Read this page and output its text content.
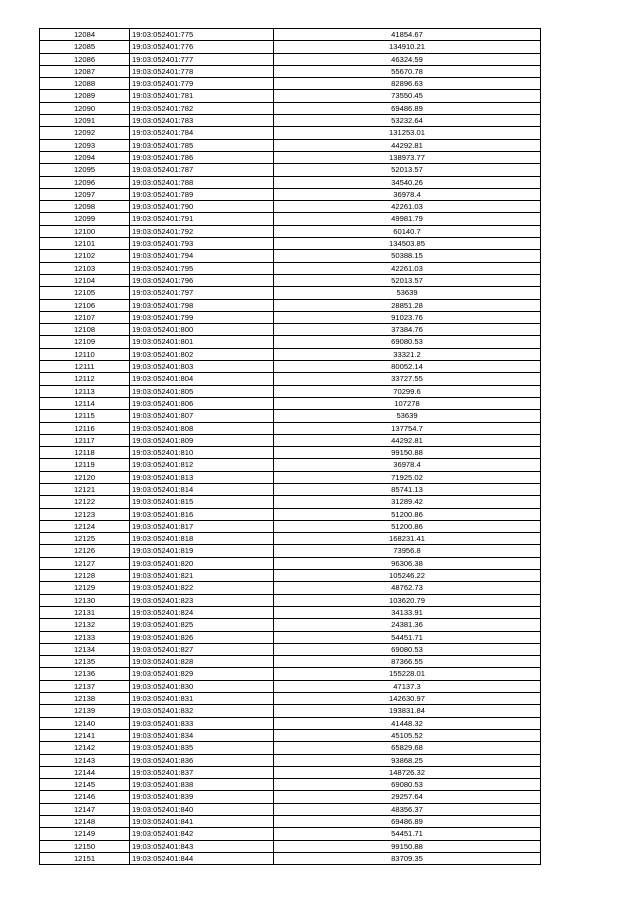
12084	19:03:052401:775	41854.67
12085	19:03:052401:776	134910.21
12086	19:03:052401:777	46324.59
12087	19:03:052401:778	55670.78
12088	19:03:052401:779	82896.63
12089	19:03:052401:781	73550.45
12090	19:03:052401:782	69486.89
12091	19:03:052401:783	53232.64
12092	19:03:052401:784	131253.01
12093	19:03:052401:785	44292.81
12094	19:03:052401:786	138973.77
12095	19:03:052401:787	52013.57
12096	19:03:052401:788	34540.26
12097	19:03:052401:789	36978.4
12098	19:03:052401:790	42261.03
12099	19:03:052401:791	49981.79
12100	19:03:052401:792	60140.7
12101	19:03:052401:793	134503.85
12102	19:03:052401:794	50388.15
12103	19:03:052401:795	42261.03
12104	19:03:052401:796	52013.57
12105	19:03:052401:797	53639
12106	19:03:052401:798	28851.28
12107	19:03:052401:799	91023.76
12108	19:03:052401:800	37384.76
12109	19:03:052401:801	69080.53
12110	19:03:052401:802	33321.2
12111	19:03:052401:803	80052.14
12112	19:03:052401:804	33727.55
12113	19:03:052401:805	70299.6
12114	19:03:052401:806	107278
12115	19:03:052401:807	53639
12116	19:03:052401:808	137754.7
12117	19:03:052401:809	44292.81
12118	19:03:052401:810	99150.88
12119	19:03:052401:812	36978.4
12120	19:03:052401:813	71925.02
12121	19:03:052401:814	85741.13
12122	19:03:052401:815	31289.42
12123	19:03:052401:816	51200.86
12124	19:03:052401:817	51200.86
12125	19:03:052401:818	168231.41
12126	19:03:052401:819	73956.8
12127	19:03:052401:820	96306.38
12128	19:03:052401:821	105246.22
12129	19:03:052401:822	48762.73
12130	19:03:052401:823	103620.79
12131	19:03:052401:824	34133.91
12132	19:03:052401:825	24381.36
12133	19:03:052401:826	54451.71
12134	19:03:052401:827	69080.53
12135	19:03:052401:828	87366.55
12136	19:03:052401:829	155228.01
12137	19:03:052401:830	47137.3
12138	19:03:052401:831	142630.97
12139	19:03:052401:832	193831.84
12140	19:03:052401:833	41448.32
12141	19:03:052401:834	45105.52
12142	19:03:052401:835	65829.68
12143	19:03:052401:836	93868.25
12144	19:03:052401:837	148726.32
12145	19:03:052401:838	69080.53
12146	19:03:052401:839	29257.64
12147	19:03:052401:840	48356.37
12148	19:03:052401:841	69486.89
12149	19:03:052401:842	54451.71
12150	19:03:052401:843	99150.88
12151	19:03:052401:844	83709.35
